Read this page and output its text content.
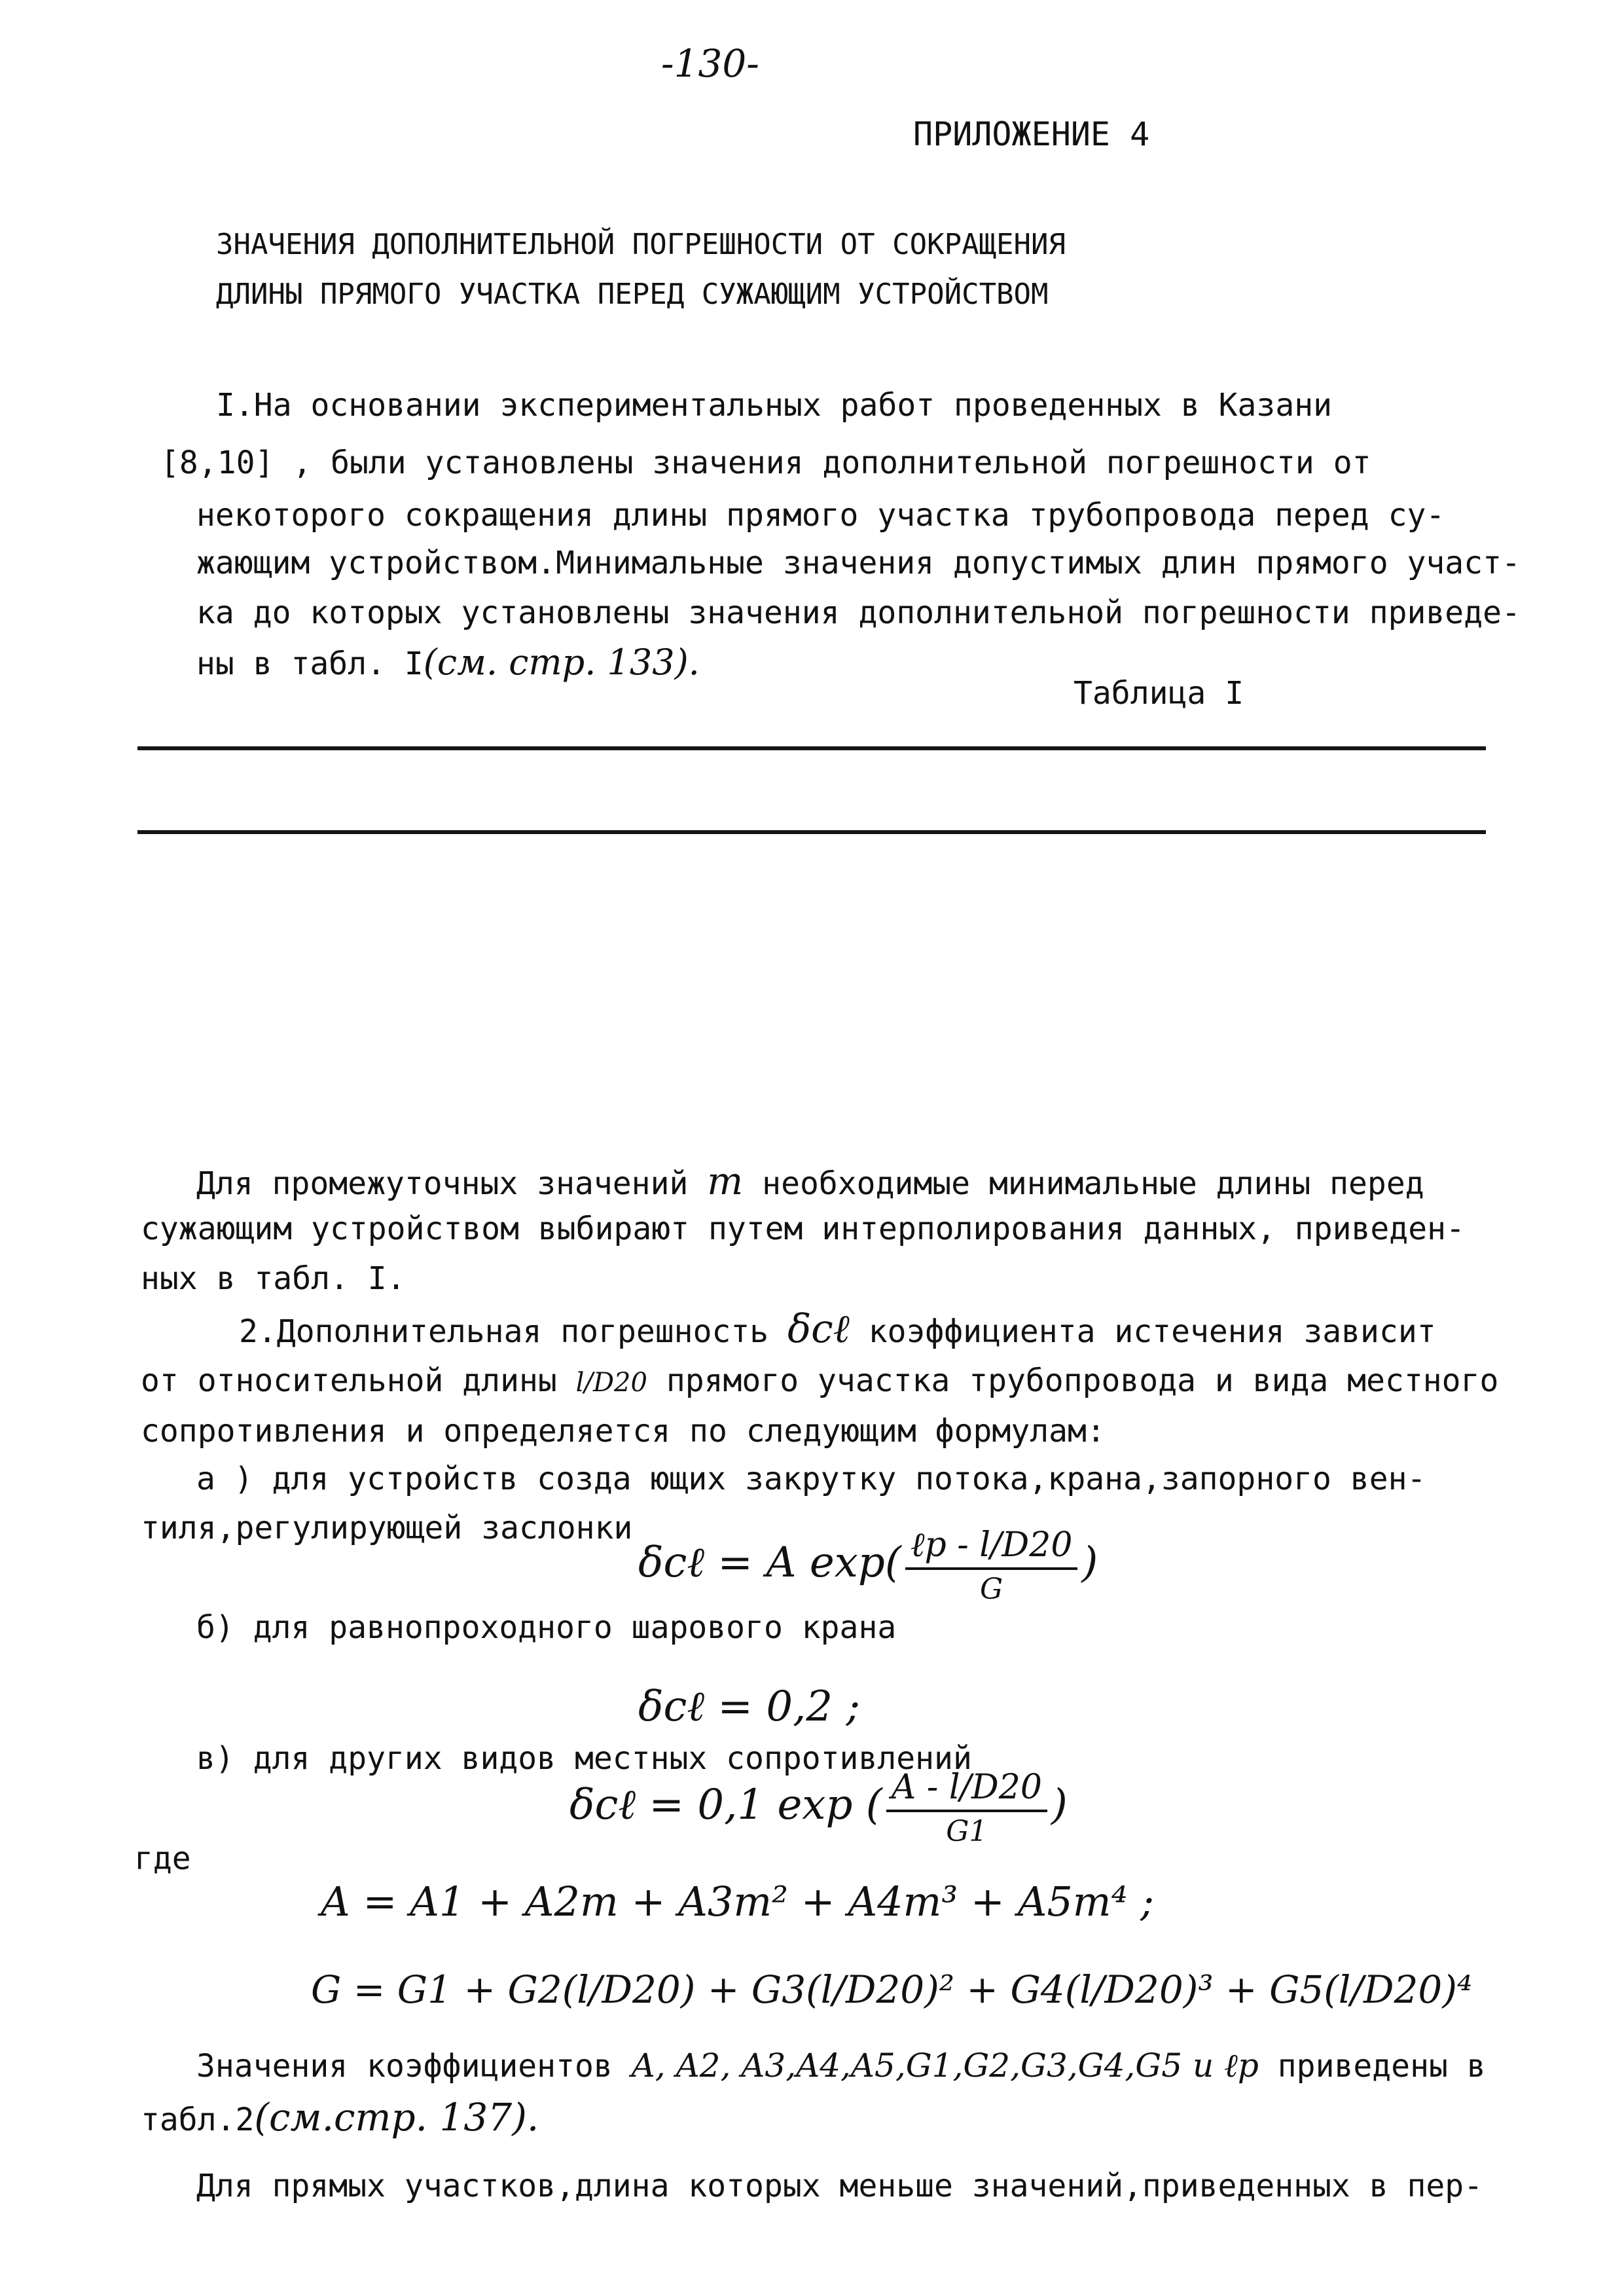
-130-
ПРИЛОЖЕНИЕ 4
ЗНАЧЕНИЯ ДОПОЛНИТЕЛЬНОЙ ПОГРЕШНОСТИ ОТ СОКРАЩЕНИЯ
ДЛИНЫ ПРЯМОГО УЧАСТКА ПЕРЕД СУЖАЮЩИМ УСТРОЙСТВОМ
I.На основании экспериментальных работ проведенных в Казани
[8,10] , были установлены значения дополнительной погрешности от
некоторого сокращения длины прямого участка трубопровода перед су-
жающим устройством.Минимальные значения допустимых длин прямого участ-
ка до которых установлены значения дополнительной погрешности приведе-
ны в табл. I(см. стр. 133).
Таблица I
Для промежуточных значений m необходимые минимальные длины перед
сужающим устройством выбирают путем интерполирования данных, приведен-
ных в табл. I.
2.Дополнительная погрешность δcℓ коэффициента истечения зависит
от относительной длины l/D20 прямого участка трубопровода и вида местного
сопротивления и определяется по следующим формулам:
а ) для устройств созда ющих закрутку потока,крана,запорного вен-
тиля,регулирующей заслонки
δcℓ = A $\exp( \frac{\text{ℓр - l/D20}}{G}$ )
б) для равнопроходного шарового крана
δcℓ = 0,2 ;
в) для других видов местных сопротивлений
δcℓ = 0,1 exp ( $\frac{A - l/D20}{G1}$ )
где
A = A1 + A2m + A3m² + A4m³ + A5m⁴ ;
G = G1 + G2(l/D20) + G3(l/D20)² + G4(l/D20)³ + G5(l/D20)⁴
Значения коэффициентов A, A2, A3,A4,A5,G1,G2,G3,G4,G5 и ℓр приведены в
табл.2(см.стр. 137).
Для прямых участков,длина которых меньше значений,приведенных в пер-
